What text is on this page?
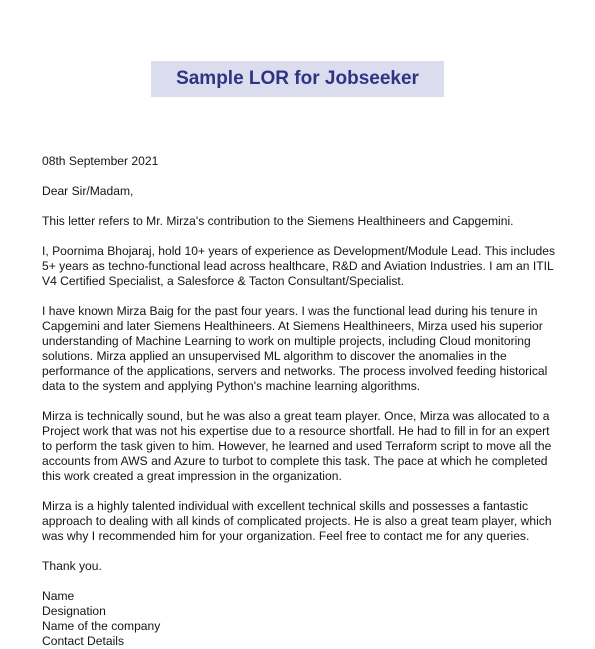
Sample LOR for Jobseeker

08th September 2021

Dear Sir/Madam,

This letter refers to Mr. Mirza's contribution to the Siemens Healthineers and Capgemini.

I, Poornima Bhojaraj, hold 10+ years of experience as Development/Module Lead. This includes 5+ years as techno-functional lead across healthcare, R&D and Aviation Industries. I am an ITIL V4 Certified Specialist, a Salesforce & Tacton Consultant/Specialist.

I have known Mirza Baig for the past four years. I was the functional lead during his tenure in Capgemini and later Siemens Healthineers. At Siemens Healthineers, Mirza used his superior understanding of Machine Learning to work on multiple projects, including Cloud monitoring solutions. Mirza applied an unsupervised ML algorithm to discover the anomalies in the performance of the applications, servers and networks. The process involved feeding historical data to the system and applying Python's machine learning algorithms.

Mirza is technically sound, but he was also a great team player. Once, Mirza was allocated to a Project work that was not his expertise due to a resource shortfall. He had to fill in for an expert to perform the task given to him. However, he learned and used Terraform script to move all the accounts from AWS and Azure to turbot to complete this task. The pace at which he completed this work created a great impression in the organization.

Mirza is a highly talented individual with excellent technical skills and possesses a fantastic approach to dealing with all kinds of complicated projects. He is also a great team player, which was why I recommended him for your organization. Feel free to contact me for any queries.

Thank you.

Name

Designation

Name of the company

Contact Details
